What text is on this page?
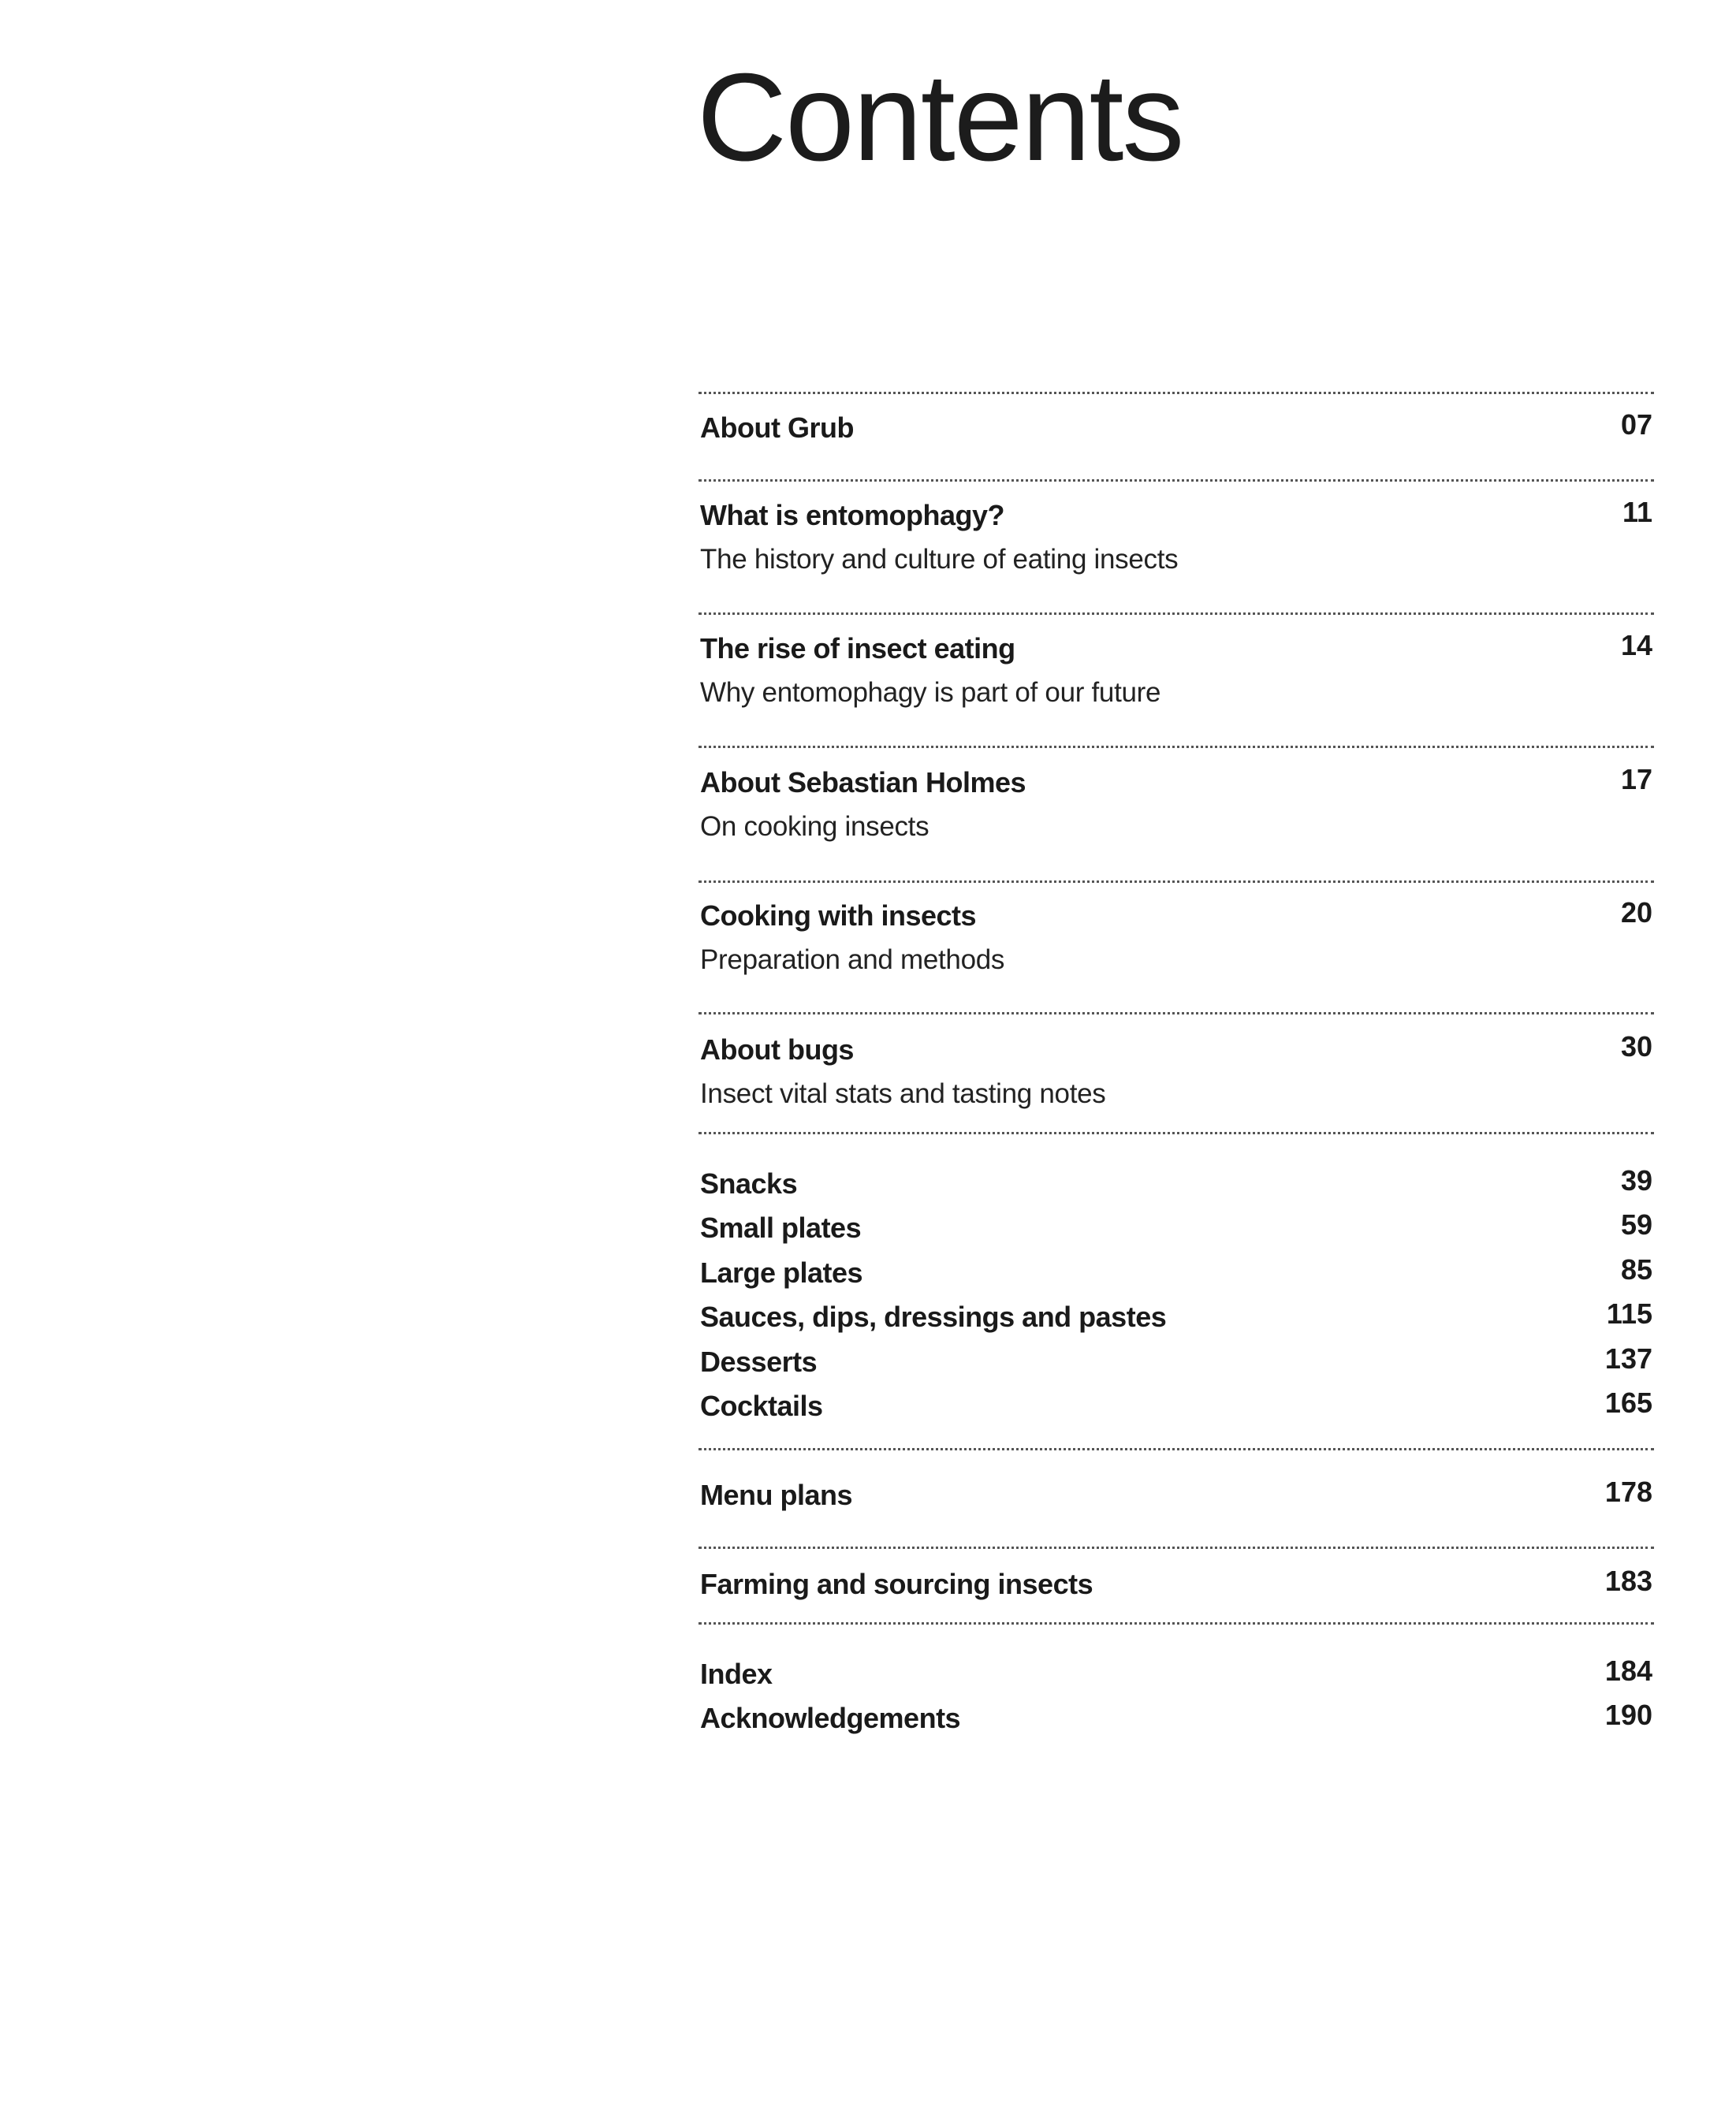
Contents
About Grub	07
What is entomophagy?	11
The history and culture of eating insects
The rise of insect eating	14
Why entomophagy is part of our future
About Sebastian Holmes	17
On cooking insects
Cooking with insects	20
Preparation and methods
About bugs	30
Insect vital stats and tasting notes
Snacks	39
Small plates	59
Large plates	85
Sauces, dips, dressings and pastes	115
Desserts	137
Cocktails	165
Menu plans	178
Farming and sourcing insects	183
Index	184
Acknowledgements	190
